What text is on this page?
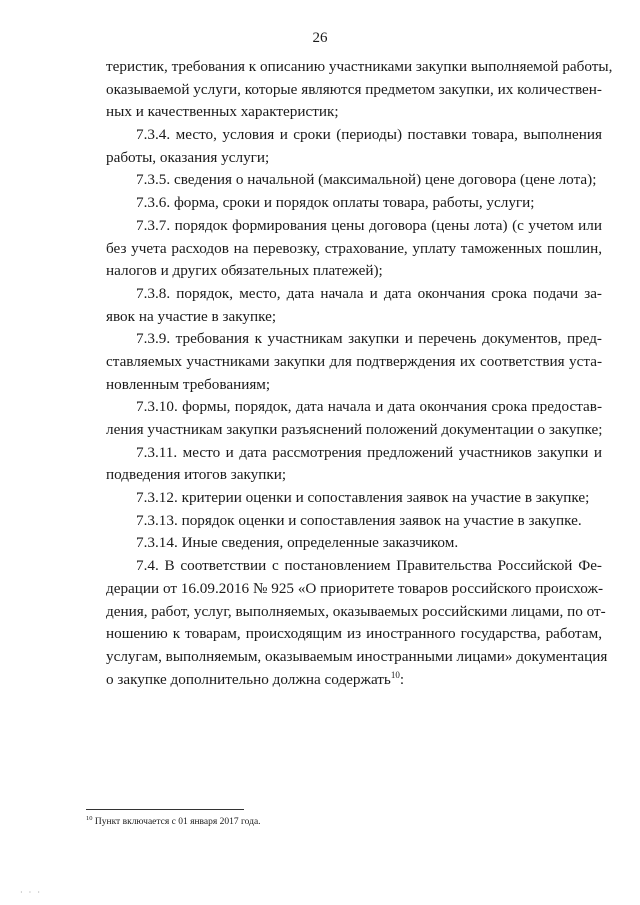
26
теристик, требования к описанию участниками закупки выполняемой работы,
оказываемой услуги, которые являются предметом закупки, их количествен-
ных и качественных характеристик;
7.3.4. место, условия и сроки (периоды) поставки товара, выполнения
работы, оказания услуги;
7.3.5. сведения о начальной (максимальной) цене договора (цене лота);
7.3.6. форма, сроки и порядок оплаты товара, работы, услуги;
7.3.7. порядок формирования цены договора (цены лота) (с учетом или
без учета расходов на перевозку, страхование, уплату таможенных пошлин,
налогов и других обязательных платежей);
7.3.8. порядок, место, дата начала и дата окончания срока подачи за-
явок на участие в закупке;
7.3.9. требования к участникам закупки и перечень документов, пред-
ставляемых участниками закупки для подтверждения их соответствия уста-
новленным требованиям;
7.3.10. формы, порядок, дата начала и дата окончания срока предостав-
ления участникам закупки разъяснений положений документации о закупке;
7.3.11. место и дата рассмотрения предложений участников закупки и
подведения итогов закупки;
7.3.12. критерии оценки и сопоставления заявок на участие в закупке;
7.3.13. порядок оценки и сопоставления заявок на участие в закупке.
7.3.14. Иные сведения, определенные заказчиком.
7.4. В соответствии с постановлением Правительства Российской Фе-
дерации от 16.09.2016 № 925 «О приоритете товаров российского происхож-
дения, работ, услуг, выполняемых, оказываемых российскими лицами, по от-
ношению к товарам, происходящим из иностранного государства, работам,
услугам, выполняемым, оказываемым иностранными лицами» документация
о закупке дополнительно должна содержать$^{10}$:
$^{10}$ Пункт включается с 01 января 2017 года.
· · ·
